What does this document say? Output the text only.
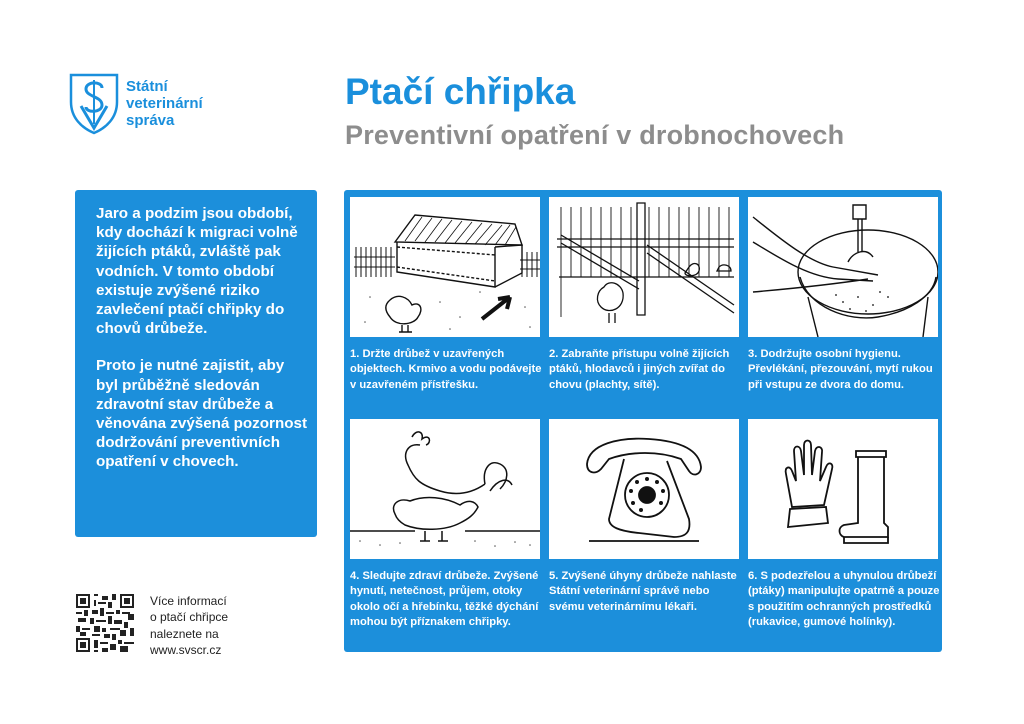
Státní
veterinární
správa
Ptačí chřipka
Preventivní opatření v drobnochovech

Jaro a podzim jsou období, kdy dochází k migraci volně žijících ptáků, zvláště pak vodních. V tomto období existuje zvýšené riziko zavlečení ptačí chřipky do chovů drůbeže.

Proto je nutné zajistit, aby byl průběžně sledován zdravotní stav drůbeže a věnována zvýšená pozornost dodržování preventivních opatření v chovech.

Více informací
o ptačí chřipce
naleznete na
www.svscr.cz
1. Držte drůbež v uzavřených objektech. Krmivo a vodu podávejte v uzavřeném přístřešku.
2. Zabraňte přístupu volně žijících ptáků, hlodavců i jiných zvířat do chovu (plachty, sítě).
3. Dodržujte osobní hygienu. Převlékání, přezouvání, mytí rukou při vstupu ze dvora do domu.
4. Sledujte zdraví drůbeže. Zvýšené hynutí, netečnost, průjem, otoky okolo očí a hřebínku, těžké dýchání mohou být příznakem chřipky.
5. Zvýšené úhyny drůbeže nahlaste Státní veterinární správě nebo svému veterinárnímu lékaři.
6. S podezřelou a uhynulou drůbeží (ptáky) manipulujte opatrně a pouze s použitím ochranných prostředků (rukavice, gumové holínky).
